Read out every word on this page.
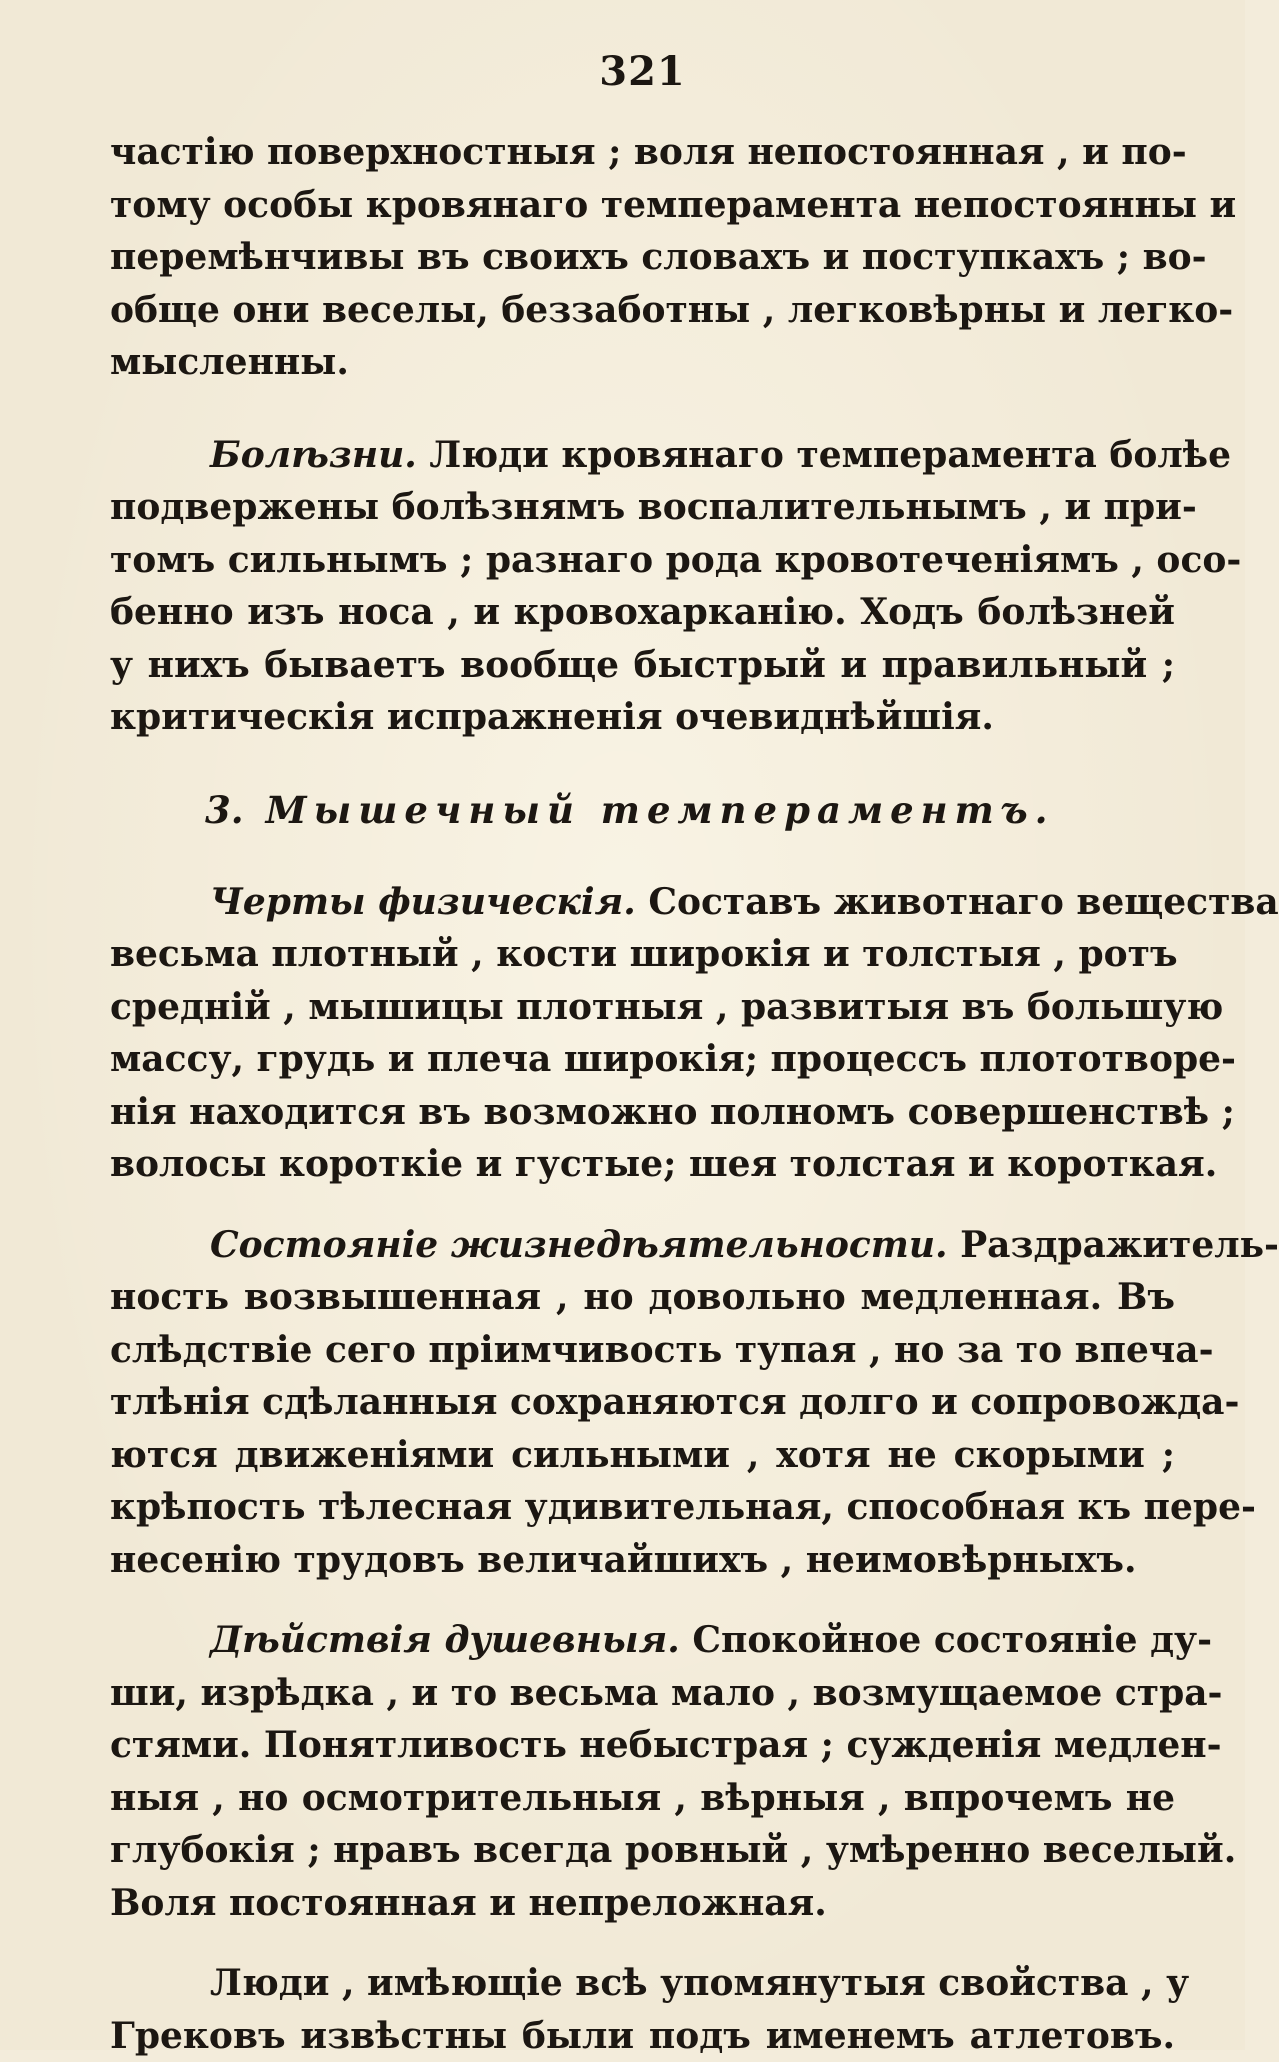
321
частію поверхностныя ; воля непостоянная , и по-
тому особы кровянаго темперамента непостоянны и
перемѣнчивы въ своихъ словахъ и поступкахъ ; во-
обще они веселы, беззаботны , легковѣрны и легко-
мысленны.
Болѣзни. Люди кровянаго темперамента болѣе
подвержены болѣзнямъ воспалительнымъ , и при-
томъ сильнымъ ; разнаго рода кровотеченіямъ , осо-
бенно изъ носа , и кровохарканію. Ходъ болѣзней
у нихъ бываетъ вообще быстрый и правильный ;
критическія испражненія очевиднѣйшія.
3. Мышечный темпераментъ.
Черты физическія. Составъ животнаго вещества
весьма плотный , кости широкія и толстыя , ротъ
средній , мышицы плотныя , развитыя въ большую
массу, грудь и плеча широкія; процессъ плототворе-
нія находится въ возможно полномъ совершенствѣ ;
волосы короткіе и густые; шея толстая и короткая.
Состояніе жизнедѣятельности. Раздражитель-
ность возвышенная , но довольно медленная. Въ
слѣдствіе сего пріимчивость тупая , но за то впеча-
тлѣнія сдѣланныя сохраняются долго и сопровожда-
ются движеніями сильными , хотя не скорыми ;
крѣпость тѣлесная удивительная, способная къ пере-
несенію трудовъ величайшихъ , неимовѣрныхъ.
Дѣйствія душевныя. Спокойное состояніе ду-
ши, изрѣдка , и то весьма мало , возмущаемое стра-
стями. Понятливость небыстрая ; сужденія медлен-
ныя , но осмотрительныя , вѣрныя , впрочемъ не
глубокія ; нравъ всегда ровный , умѣренно веселый.
Воля постоянная и непреложная.
Люди , имѣющіе всѣ упомянутыя свойства , у
Грековъ извѣстны были подъ именемъ атлетовъ.
